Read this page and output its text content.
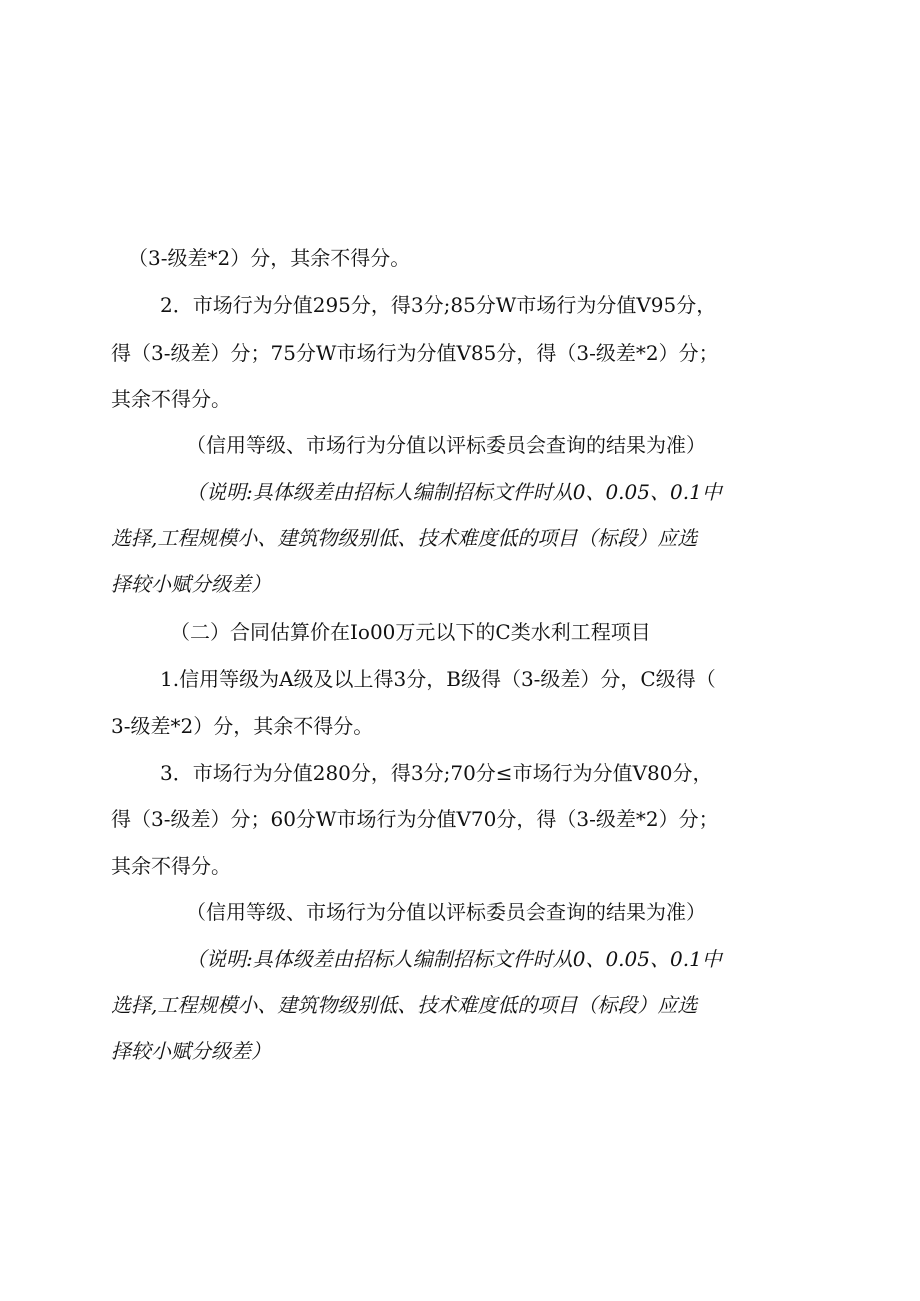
（3-级差*2）分，其余不得分。
2．市场行为分值295分，得3分;85分W市场行为分值V95分，
得（3-级差）分；75分W市场行为分值V85分，得（3-级差*2）分；
其余不得分。
（信用等级、市场行为分值以评标委员会查询的结果为准）
（说明:具体级差由招标人编制招标文件时从0、0.05、0.1中
选择,工程规模小、建筑物级别低、技术难度低的项目（标段）应选
择较小赋分级差）
（二）合同估算价在Io00万元以下的C类水利工程项目
1.信用等级为A级及以上得3分，B级得（3-级差）分，C级得（
3-级差*2）分，其余不得分。
3．市场行为分值280分，得3分;70分≤市场行为分值V80分，
得（3-级差）分；60分W市场行为分值V70分，得（3-级差*2）分；
其余不得分。
（信用等级、市场行为分值以评标委员会查询的结果为准）
（说明:具体级差由招标人编制招标文件时从0、0.05、0.1中
选择,工程规模小、建筑物级别低、技术难度低的项目（标段）应选
择较小赋分级差）
